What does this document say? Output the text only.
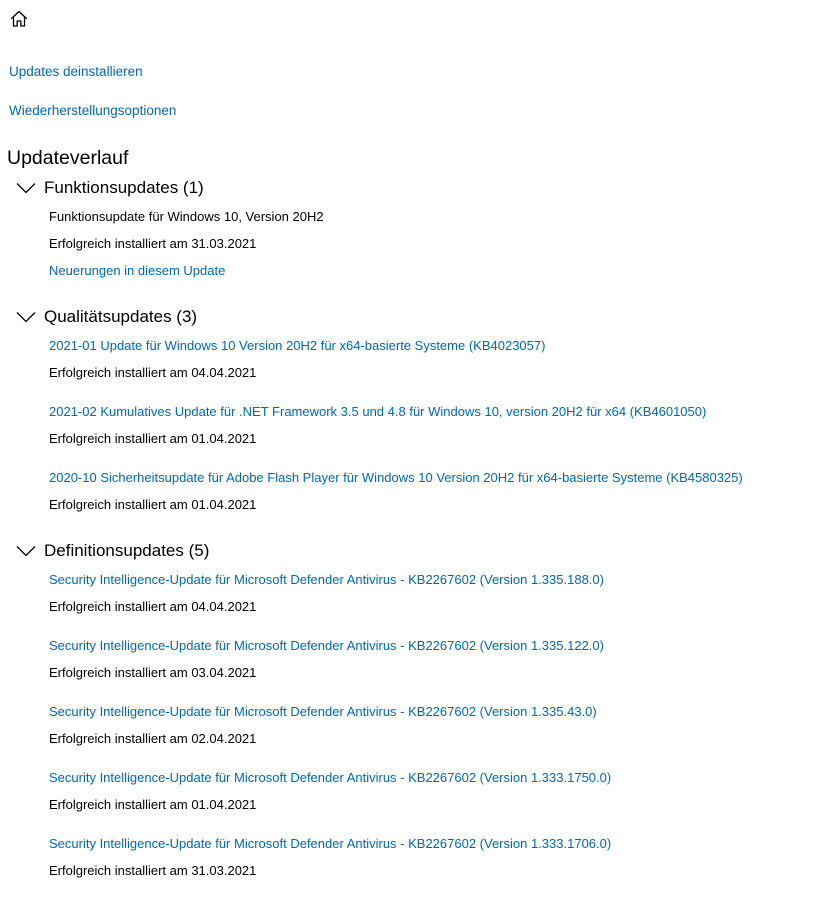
Updates deinstallieren
Wiederherstellungsoptionen
Updateverlauf
Funktionsupdates (1)
Funktionsupdate für Windows 10, Version 20H2
Erfolgreich installiert am 31.03.2021
Neuerungen in diesem Update
Qualitätsupdates (3)
2021-01 Update für Windows 10 Version 20H2 für x64-basierte Systeme (KB4023057)
Erfolgreich installiert am 04.04.2021
2021-02 Kumulatives Update für .NET Framework 3.5 und 4.8 für Windows 10, version 20H2 für x64 (KB4601050)
Erfolgreich installiert am 01.04.2021
2020-10 Sicherheitsupdate für Adobe Flash Player für Windows 10 Version 20H2 für x64-basierte Systeme (KB4580325)
Erfolgreich installiert am 01.04.2021
Definitionsupdates (5)
Security Intelligence-Update für Microsoft Defender Antivirus - KB2267602 (Version 1.335.188.0)
Erfolgreich installiert am 04.04.2021
Security Intelligence-Update für Microsoft Defender Antivirus - KB2267602 (Version 1.335.122.0)
Erfolgreich installiert am 03.04.2021
Security Intelligence-Update für Microsoft Defender Antivirus - KB2267602 (Version 1.335.43.0)
Erfolgreich installiert am 02.04.2021
Security Intelligence-Update für Microsoft Defender Antivirus - KB2267602 (Version 1.333.1750.0)
Erfolgreich installiert am 01.04.2021
Security Intelligence-Update für Microsoft Defender Antivirus - KB2267602 (Version 1.333.1706.0)
Erfolgreich installiert am 31.03.2021
